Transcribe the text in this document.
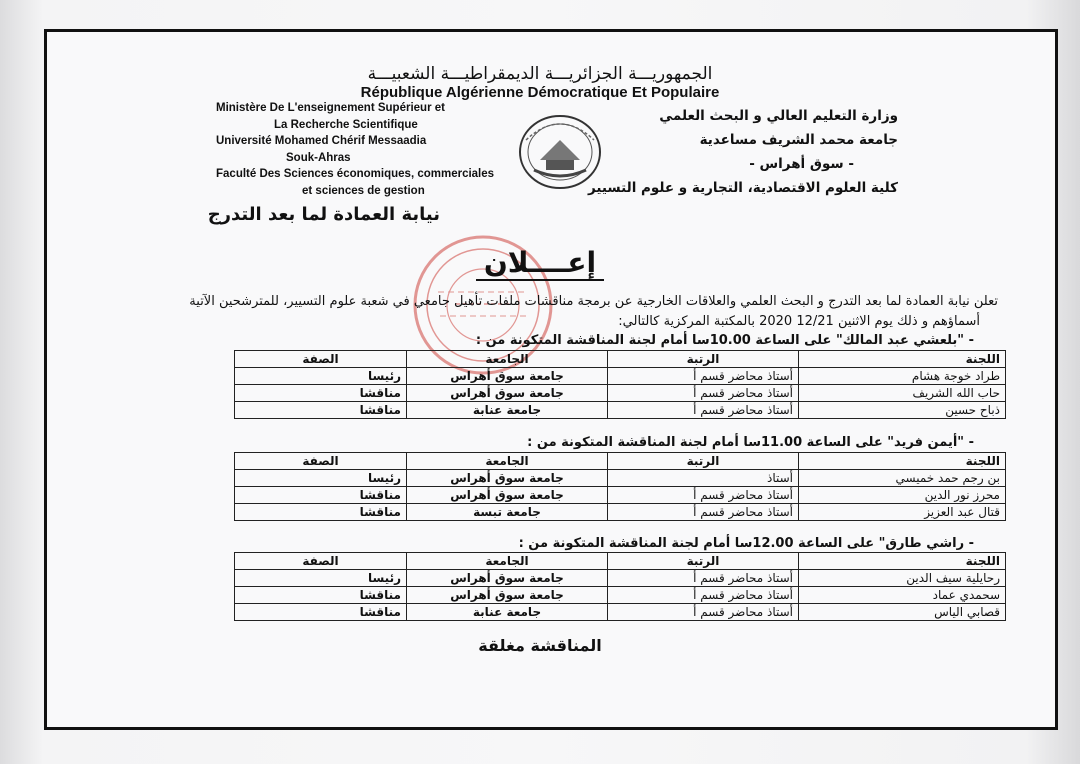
الجمهوريـــة الجزائريـــة الديمقراطيـــة الشعبيـــة
République Algérienne Démocratique Et Populaire
Ministère De L'enseignement Supérieur et
La Recherche Scientifique
Université Mohamed Chérif Messaadia
Souk-Ahras
Faculté Des Sciences économiques, commerciales
et sciences de gestion
وزارة التعليم العالي و البحث العلمي
جامعة محمد الشريف مساعدية
- سوق أهراس -
كلية العلوم الاقتصادية، التجارية و علوم التسيير
نيابة العمادة لما بعد التدرج
إعــــلان
تعلن نيابة العمادة لما بعد التدرج و البحث العلمي والعلاقات الخارجية عن برمجة مناقشات ملفات تأهيل جامعي في شعبة علوم التسيير، للمترشحين الآتية
أسماؤهم و ذلك يوم الاثنين 12/21 2020 بالمكتبة المركزية كالتالي:
- "بلعشي عبد المالك" على الساعة 10.00سا أمام لجنة المناقشة المتكونة من :
اللجنة	الرتبة	الجامعة	الصفة
طراد خوجة هشام	أستاذ محاضر قسم أ	جامعة سوق أهراس	رئيسا
حاب الله الشريف	أستاذ محاضر قسم أ	جامعة سوق أهراس	مناقشا
ذباح حسين	أستاذ محاضر قسم أ	جامعة عنابة	مناقشا
- "أيمن فريد" على الساعة 11.00سا أمام لجنة المناقشة المتكونة من :
اللجنة	الرتبة	الجامعة	الصفة
بن رجم حمد خميسي	أستاذ	جامعة سوق أهراس	رئيسا
محرز نور الدين	أستاذ محاضر قسم أ	جامعة سوق أهراس	مناقشا
قتال عبد العزيز	أستاذ محاضر قسم أ	جامعة تبسة	مناقشا
- راشي طارق" على الساعة 12.00سا أمام لجنة المناقشة المتكونة من :
اللجنة	الرتبة	الجامعة	الصفة
رحايلية سيف الدين	أستاذ محاضر قسم أ	جامعة سوق أهراس	رئيسا
سحمدي عماد	أستاذ محاضر قسم أ	جامعة سوق أهراس	مناقشا
قصابي الياس	أستاذ محاضر قسم أ	جامعة عنابة	مناقشا
المناقشة مغلقة
